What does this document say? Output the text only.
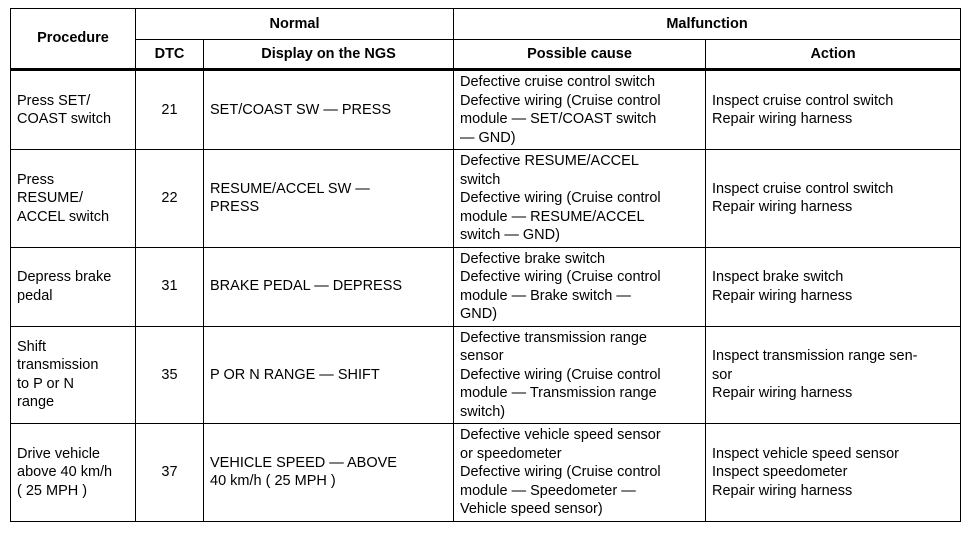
Procedure	Normal		Malfunction	
	DTC	Display on the NGS	Possible cause	Action

Press SET/
COAST switch	21	SET/COAST SW — PRESS	Defective cruise control switch
Defective wiring (Cruise control
module — SET/COAST switch
— GND)	Inspect cruise control switch
Repair wiring harness

Press
RESUME/
ACCEL switch	22	RESUME/ACCEL SW —
PRESS	Defective RESUME/ACCEL
switch
Defective wiring (Cruise control
module — RESUME/ACCEL
switch — GND)	Inspect cruise control switch
Repair wiring harness

Depress brake
pedal	31	BRAKE PEDAL — DEPRESS	Defective brake switch
Defective wiring (Cruise control
module — Brake switch —
GND)	Inspect brake switch
Repair wiring harness

Shift
transmission
to P or N
range	35	P OR N RANGE — SHIFT	Defective transmission range
sensor
Defective wiring (Cruise control
module — Transmission range
switch)	Inspect transmission range sen-
sor
Repair wiring harness

Drive vehicle
above 40 km/h
( 25 MPH )	37	VEHICLE SPEED — ABOVE
40 km/h ( 25 MPH )	Defective vehicle speed sensor
or speedometer
Defective wiring (Cruise control
module — Speedometer —
Vehicle speed sensor)	Inspect vehicle speed sensor
Inspect speedometer
Repair wiring harness
